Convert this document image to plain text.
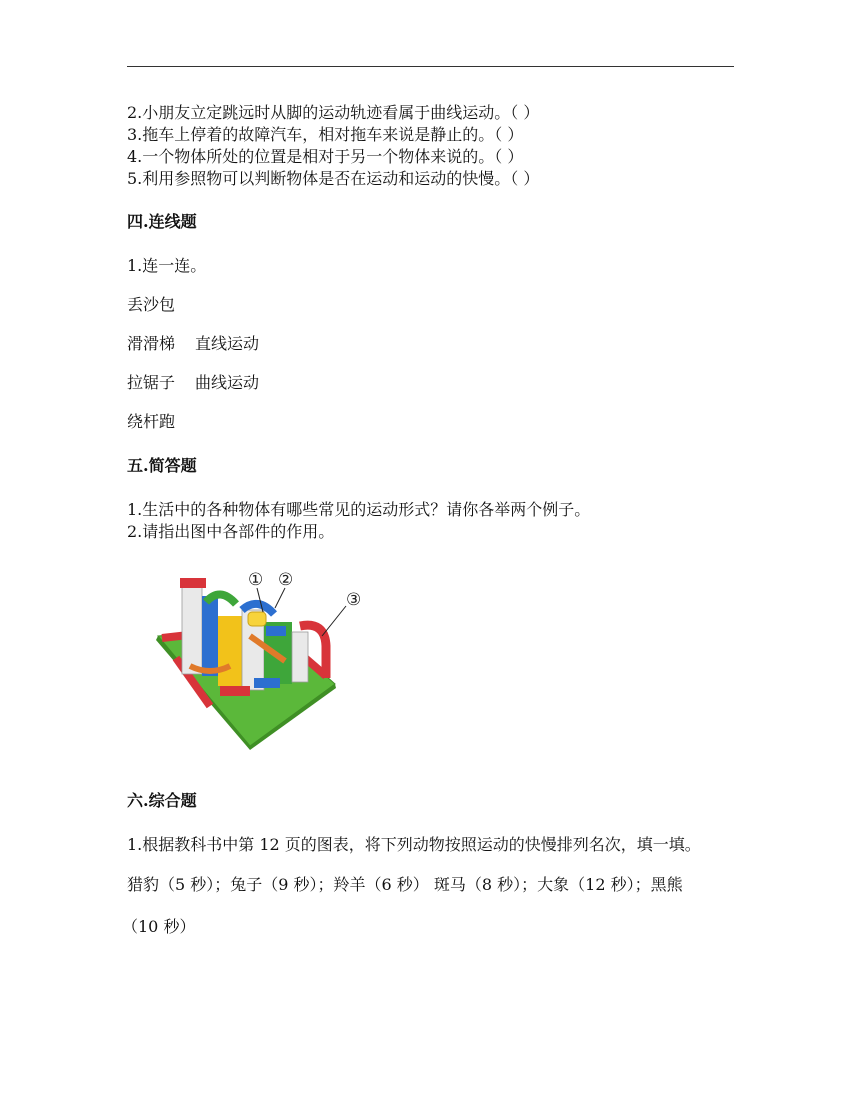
2.小朋友立定跳远时从脚的运动轨迹看属于曲线运动。（ ）
3.拖车上停着的故障汽车，相对拖车来说是静止的。（ ）
4.一个物体所处的位置是相对于另一个物体来说的。（ ）
5.利用参照物可以判断物体是否在运动和运动的快慢。（ ）
四.连线题
1.连一连。
丢沙包
滑滑梯 直线运动
拉锯子 曲线运动
绕杆跑
五.简答题
1.生活中的各种物体有哪些常见的运动形式？请你各举两个例子。
2.请指出图中各部件的作用。
① ②
③
六.综合题
1.根据教科书中第 12 页的图表，将下列动物按照运动的快慢排列名次，填一填。
猎豹（5 秒）；兔子（9 秒）；羚羊（6 秒） 斑马（8 秒）；大象（12 秒）；黑熊
（10 秒）
